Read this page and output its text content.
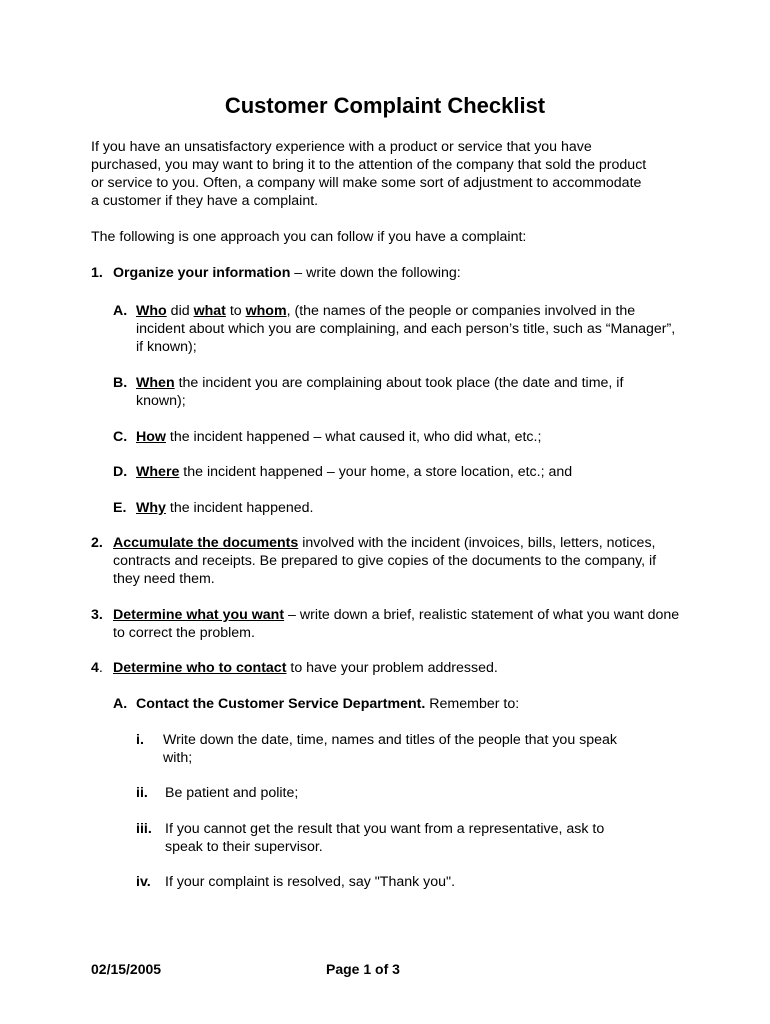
Customer Complaint Checklist
If you have an unsatisfactory experience with a product or service that you have purchased, you may want to bring it to the attention of the company that sold the product or service to you. Often, a company will make some sort of adjustment to accommodate a customer if they have a complaint.
The following is one approach you can follow if you have a complaint:
1. Organize your information – write down the following:
A. Who did what to whom, (the names of the people or companies involved in the incident about which you are complaining, and each person’s title, such as “Manager”, if known);
B. When the incident you are complaining about took place (the date and time, if known);
C. How the incident happened – what caused it, who did what, etc.;
D. Where the incident happened – your home, a store location, etc.; and
E. Why the incident happened.
2. Accumulate the documents involved with the incident (invoices, bills, letters, notices, contracts and receipts. Be prepared to give copies of the documents to the company, if they need them.
3. Determine what you want – write down a brief, realistic statement of what you want done to correct the problem.
4. Determine who to contact to have your problem addressed.
A. Contact the Customer Service Department. Remember to:
i. Write down the date, time, names and titles of the people that you speak with;
ii. Be patient and polite;
iii. If you cannot get the result that you want from a representative, ask to speak to their supervisor.
iv. If your complaint is resolved, say "Thank you".
02/15/2005	Page 1 of 3
